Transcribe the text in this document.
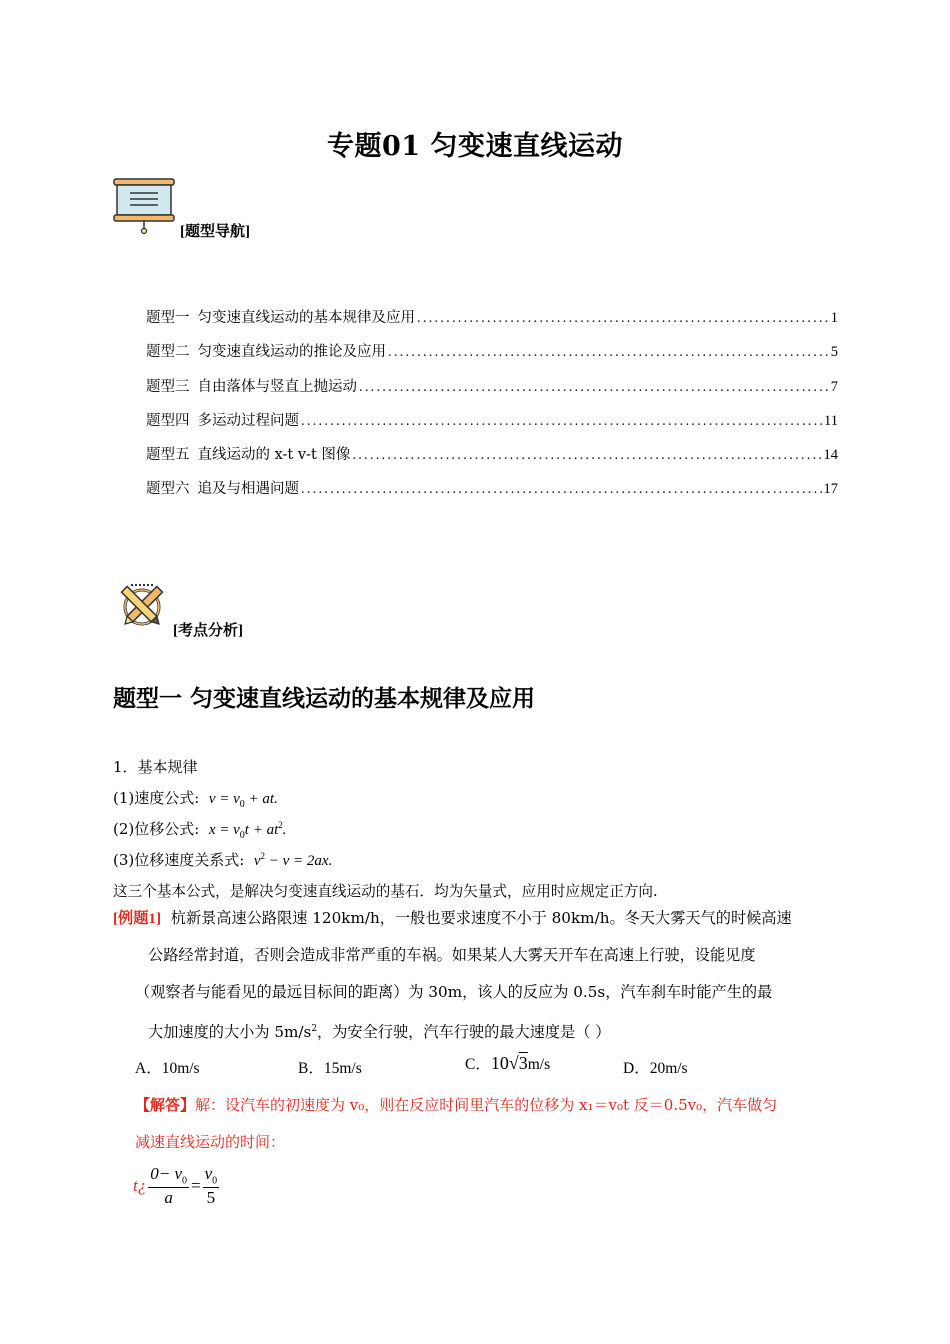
专题01 匀变速直线运动
[题型导航]
题型一 匀变速直线运动的基本规律及应用 .....	1
题型二 匀变速直线运动的推论及应用 .....	5
题型三 自由落体与竖直上抛运动 .....	7
题型四 多运动过程问题 .....	11
题型五 直线运动的 x-t v-t 图像 .....	14
题型六 追及与相遇问题 .....	17
[考点分析]
题型一 匀变速直线运动的基本规律及应用
1．基本规律
(1)速度公式: $v = v_0$ + at.
(2)位移公式: $x = v_0t + at^2$.
(3)位移速度关系式: $v^2 - v = 2ax$.
这三个基本公式，是解决匀变速直线运动的基石．均为矢量式，应用时应规定正方向.
[例题1] 杭新景高速公路限速 120km/h，一般也要求速度不小于 80km/h。冬天大雾天气的时候高速
公路经常封道，否则会造成非常严重的车祸。如果某人大雾天开车在高速上行驶，设能见度
（观察者与能看见的最远目标间的距离）为 30m，该人的反应为 0.5s，汽车刹车时能产生的最
大加速度的大小为 $5m/s^2$，为安全行驶，汽车行驶的最大速度是（ ）
A．10m/s	B．15m/s	C．10√3m/s	D．20m/s
【解答】解：设汽车的初速度为 v₀，则在反应时间里汽车的位移为 x₁＝v₀t 反＝0.5v₀，汽车做匀
减速直线运动的时间：
t¿ $\frac{0- v_0}{a} = \frac{v_0}{5}$
